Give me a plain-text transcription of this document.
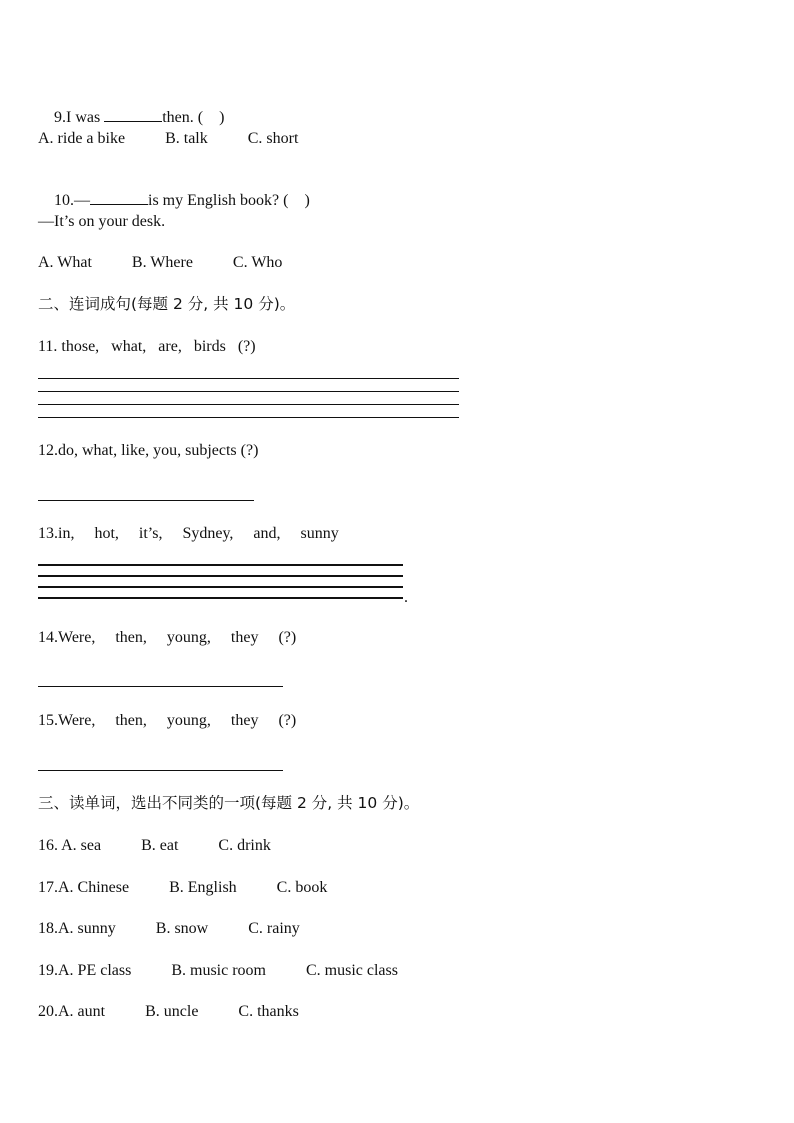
9.I was	then. (    )

A. ride a bike          B. talk          C. short

10.—	is my English book? (    )

—It’s on your desk.
A. What          B. Where          C. Who
二、连词成句(每题 2 分, 共 10 分)。
11. those,   what,   are,   birds   (?)
12.do, what, like, you, subjects (?)
13.in,     hot,     it’s,     Sydney,     and,     sunny
.
14.Were,     then,     young,     they     (?)
15.Were,     then,     young,     they     (?)
三、读单词，选出不同类的一项(每题 2 分, 共 10 分)。
16. A. sea          B. eat          C. drink
17.A. Chinese          B. English          C. book
18.A. sunny          B. snow          C. rainy
19.A. PE class          B. music room          C. music class
20.A. aunt          B. uncle          C. thanks
